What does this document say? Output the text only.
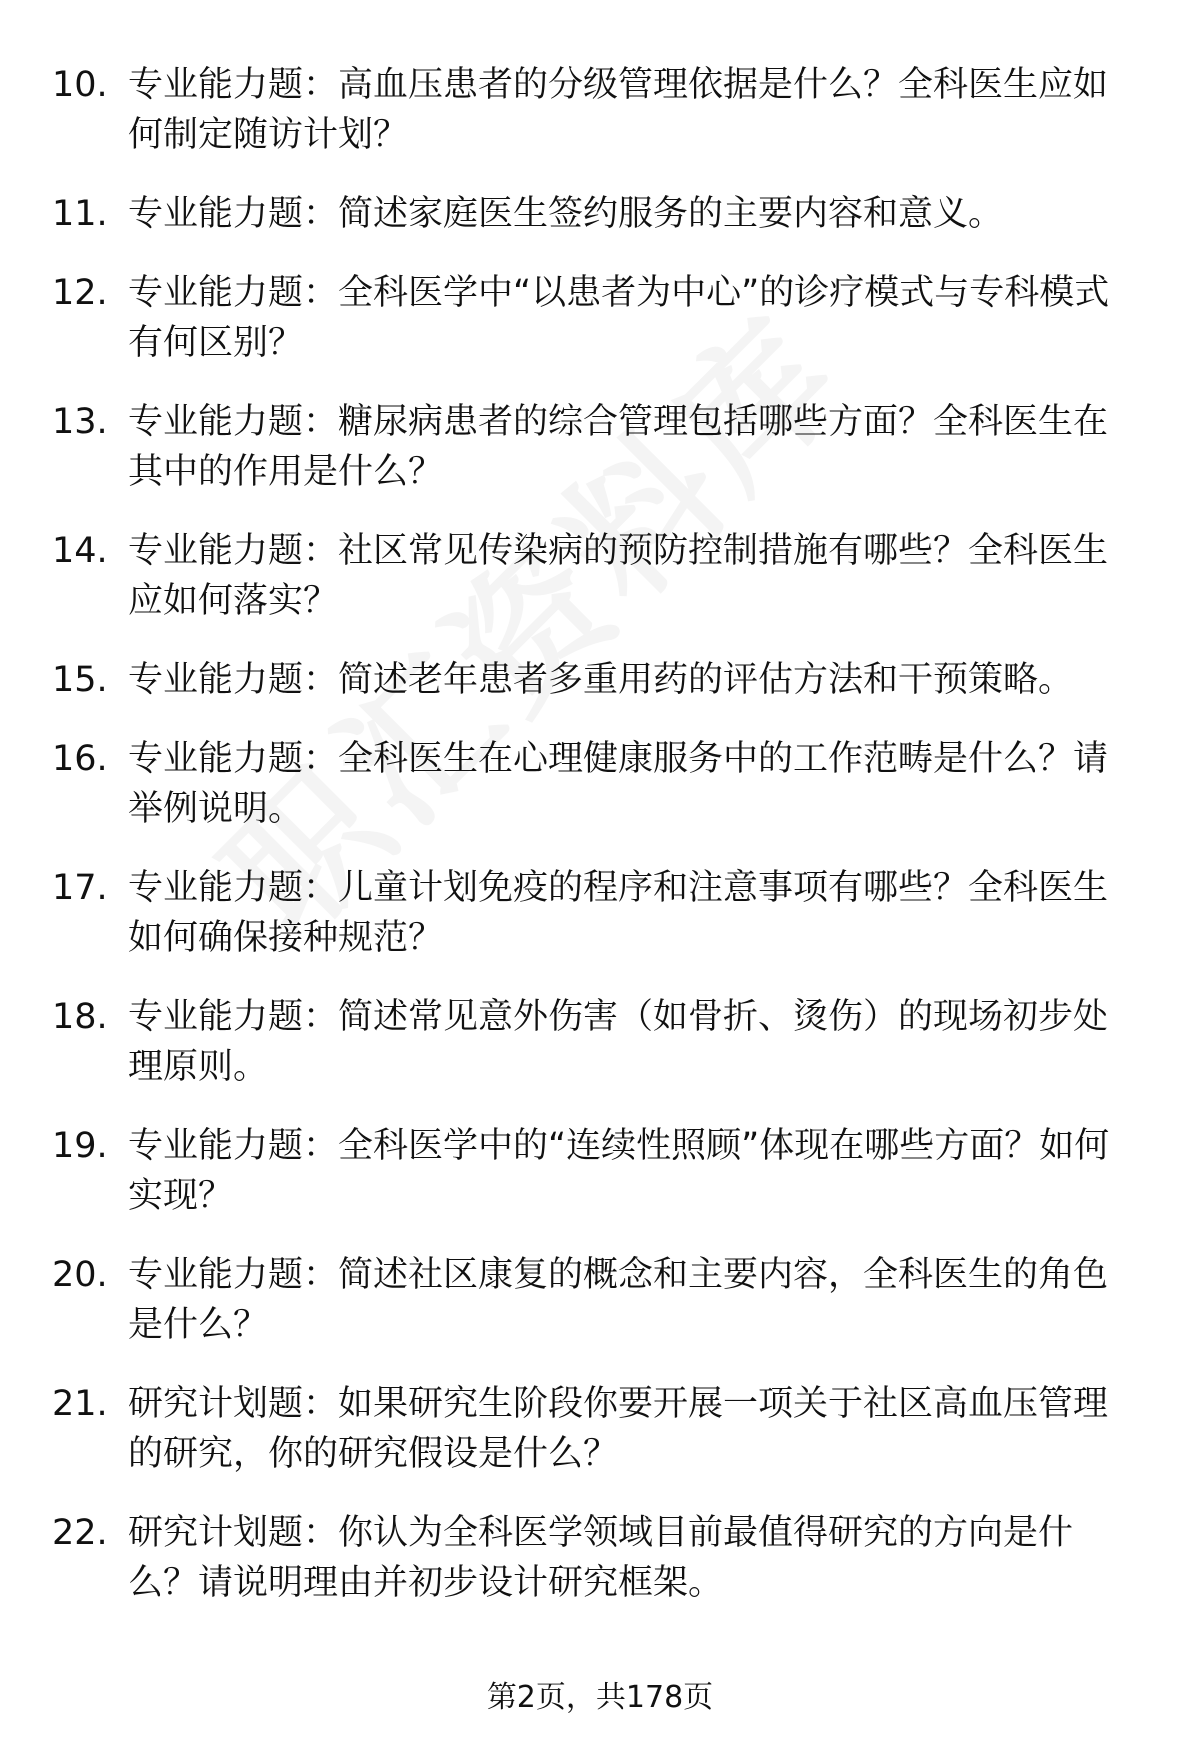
10. 专业能力题：高血压患者的分级管理依据是什么？全科医生应如何制定随访计划？
11. 专业能力题：简述家庭医生签约服务的主要内容和意义。
12. 专业能力题：全科医学中“以患者为中心”的诊疗模式与专科模式有何区别？
13. 专业能力题：糖尿病患者的综合管理包括哪些方面？全科医生在其中的作用是什么？
14. 专业能力题：社区常见传染病的预防控制措施有哪些？全科医生应如何落实？
15. 专业能力题：简述老年患者多重用药的评估方法和干预策略。
16. 专业能力题：全科医生在心理健康服务中的工作范畴是什么？请举例说明。
17. 专业能力题：儿童计划免疫的程序和注意事项有哪些？全科医生如何确保接种规范？
18. 专业能力题：简述常见意外伤害（如骨折、烫伤）的现场初步处理原则。
19. 专业能力题：全科医学中的“连续性照顾”体现在哪些方面？如何实现？
20. 专业能力题：简述社区康复的概念和主要内容，全科医生的角色是什么？
21. 研究计划题：如果研究生阶段你要开展一项关于社区高血压管理的研究，你的研究假设是什么？
22. 研究计划题：你认为全科医学领域目前最值得研究的方向是什么？请说明理由并初步设计研究框架。
第2页，共178页
